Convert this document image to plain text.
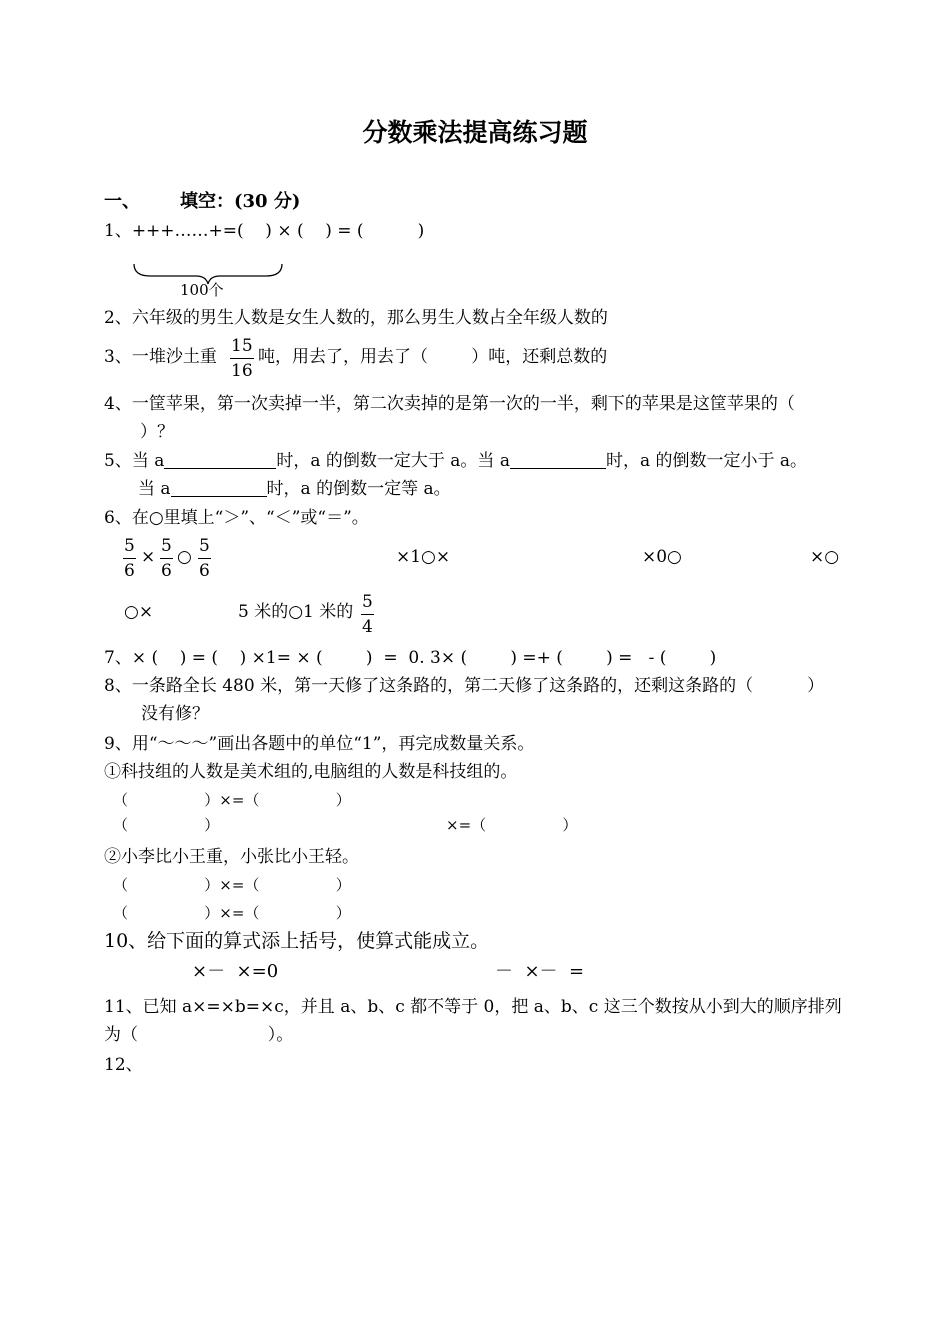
分数乘法提高练习题
一、 填空：(30 分)
1、+++……+=(    ) × (    ) = (          )
100个
2、六年级的男生人数是女生人数的，那么男生人数占全年级人数的
3、一堆沙土重
15
16
吨，用去了，用去了（        ）吨，还剩总数的
4、一筐苹果，第一次卖掉一半，第二次卖掉的是第一次的一半，剩下的苹果是这筐苹果的（
）？
5、当 a	时，a 的倒数一定大于 a。当 a	时，a 的倒数一定小于 a。
当 a	时，a 的倒数一定等 a。
6、在○里填上“＞”、“＜”或“＝”。
5
6
×
5
6
○
5
6
×1○×	×0○	×○
○×	5 米的○1 米的 5
4
7、× (    ) = (    ) ×1= × (        )  =  0. 3× (        ) =+ (        ) =   - (        )
8、一条路全长 480 米，第一天修了这条路的，第二天修了这条路的，还剩这条路的（          ）
没有修？
9、用“～～～”画出各题中的单位“1”，再完成数量关系。
①科技组的人数是美术组的,电脑组的人数是科技组的。
（                ）×=（                ）
（                ）	×=（                ）
②小李比小王重，小张比小王轻。
（                ）×=（                ）
（                ）×=（                ）
10、给下面的算式添上括号，使算式能成立。
×－  ×=0	－  ×－  =
11、已知 a×=×b=×c，并且 a、b、c 都不等于 0，把 a、b、c 这三个数按从小到大的顺序排列
为（                        ）。
12、
